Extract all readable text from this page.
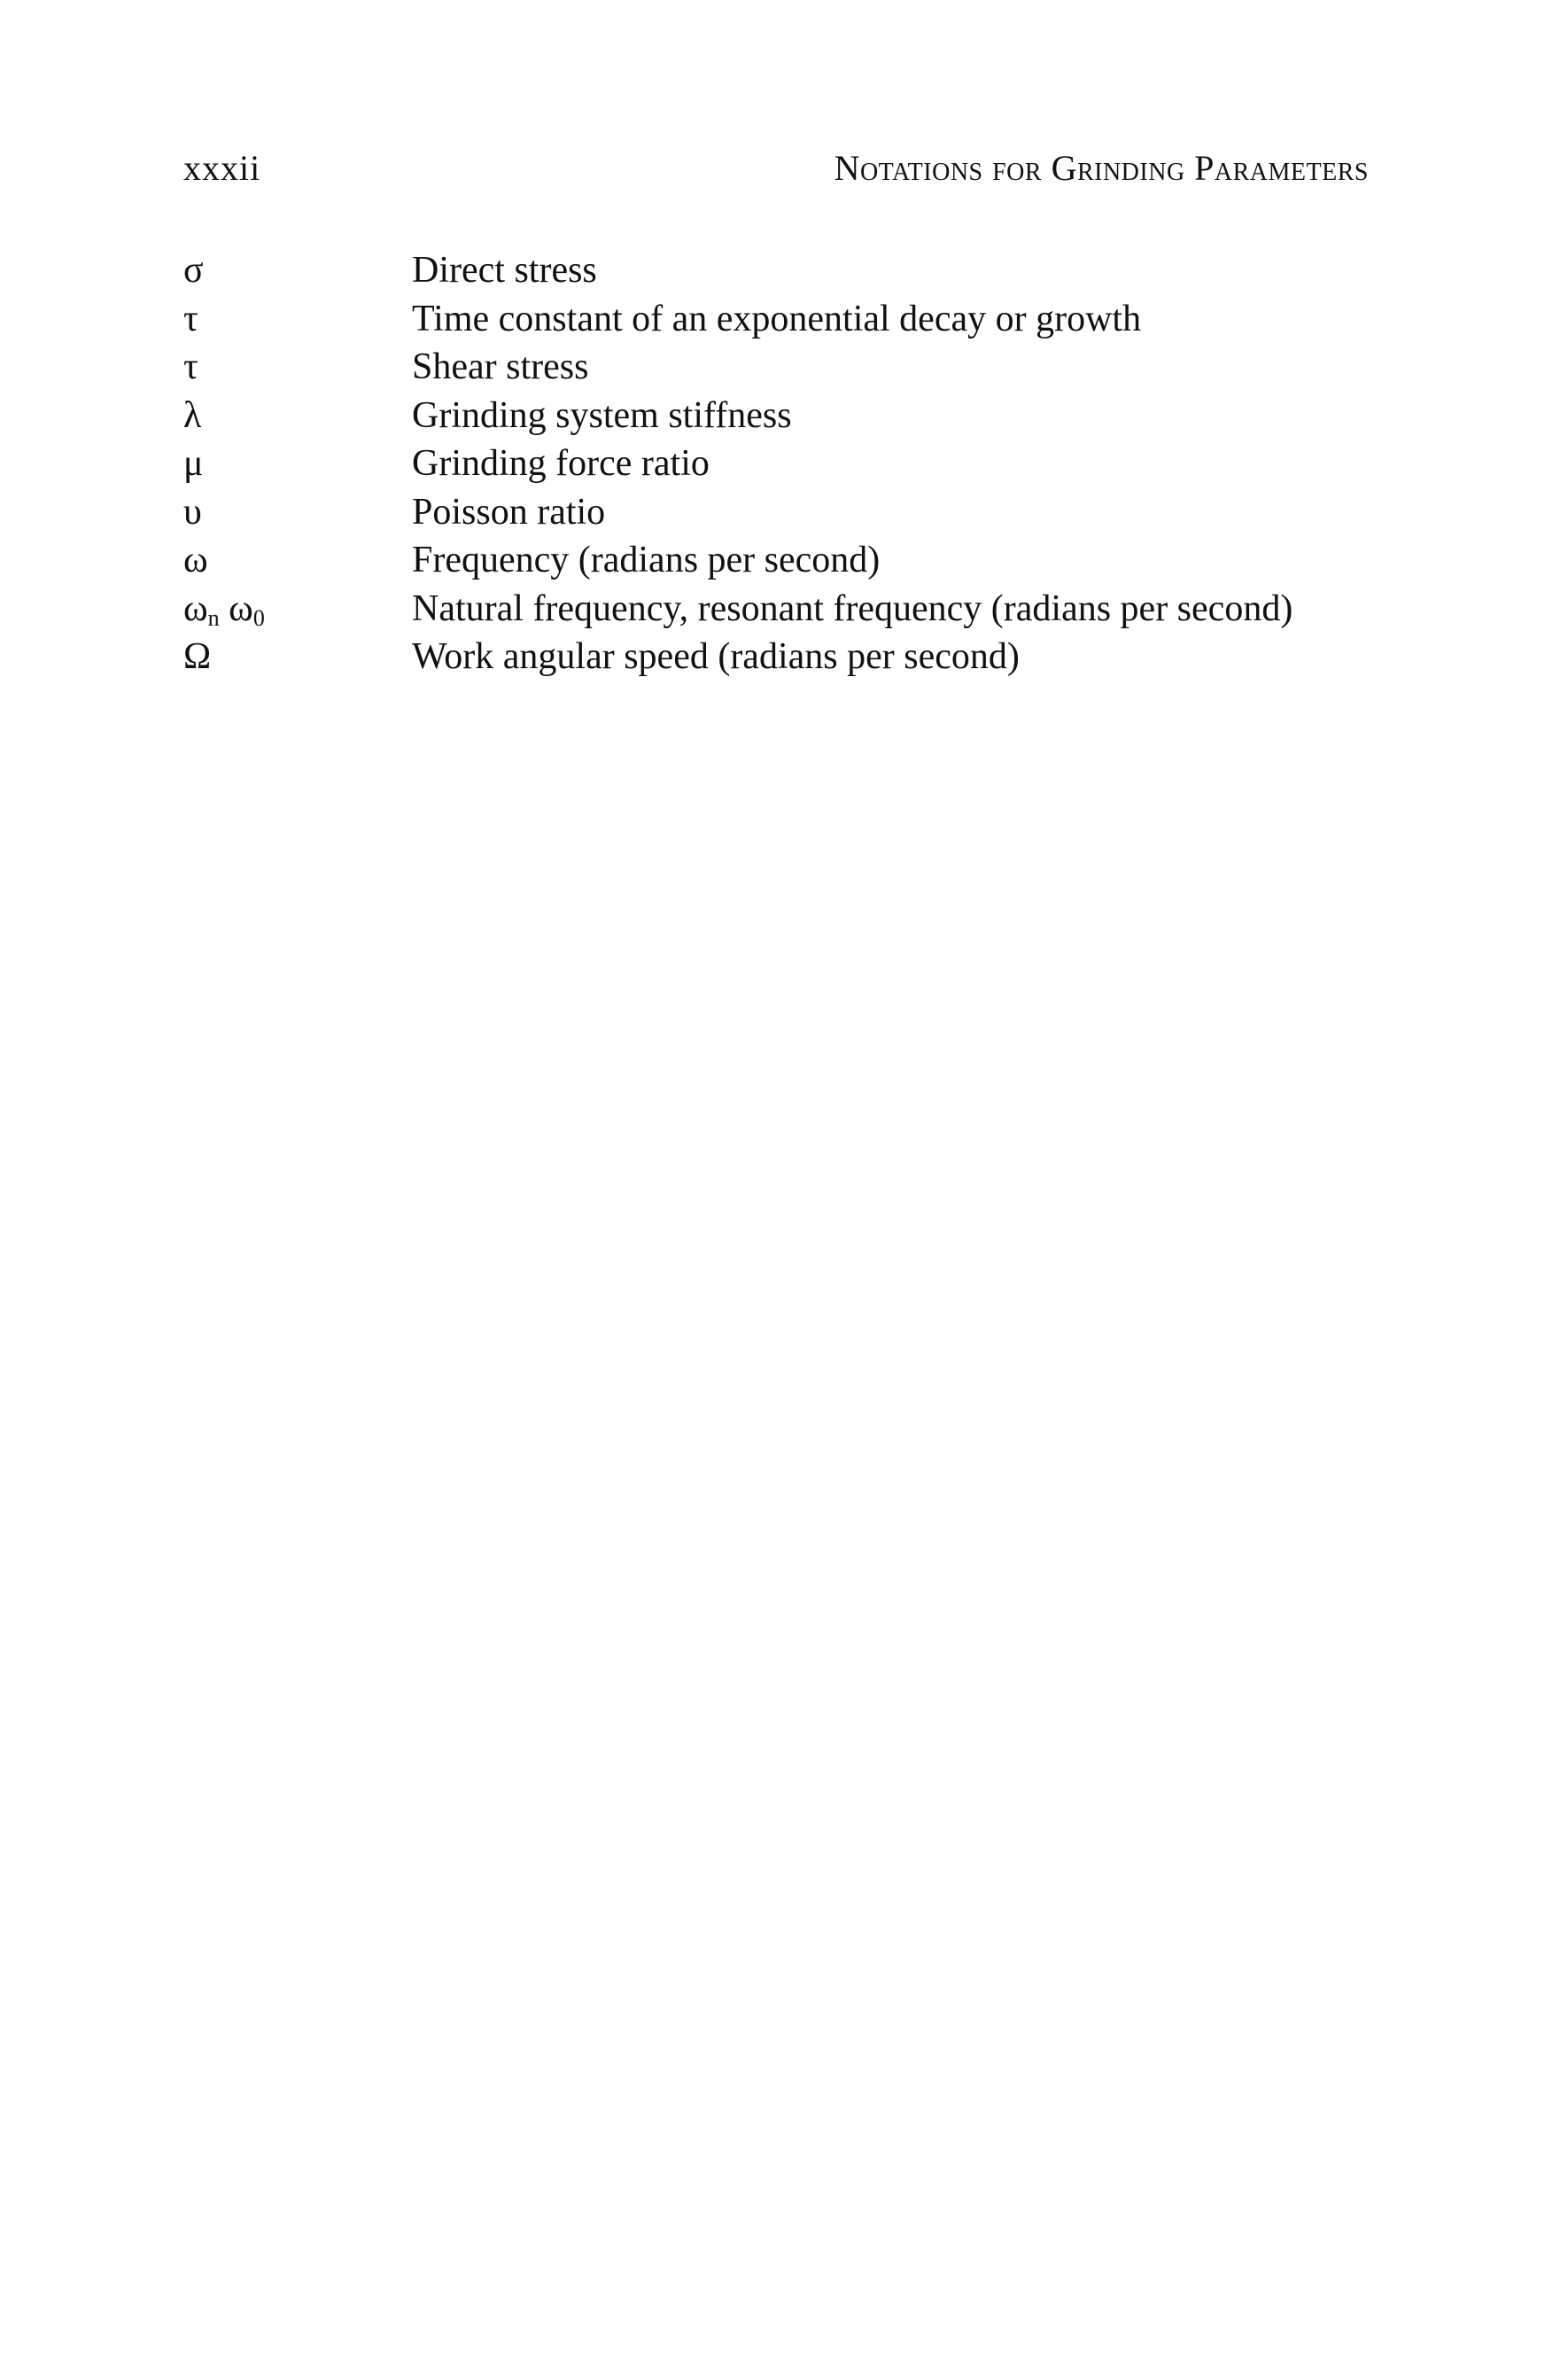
xxxii	Notations for Grinding Parameters
σ	Direct stress
τ	Time constant of an exponential decay or growth
τ	Shear stress
λ	Grinding system stiffness
μ	Grinding force ratio
υ	Poisson ratio
ω	Frequency (radians per second)
$\omega_n$ $\omega_0$	Natural frequency, resonant frequency (radians per second)
Ω	Work angular speed (radians per second)
